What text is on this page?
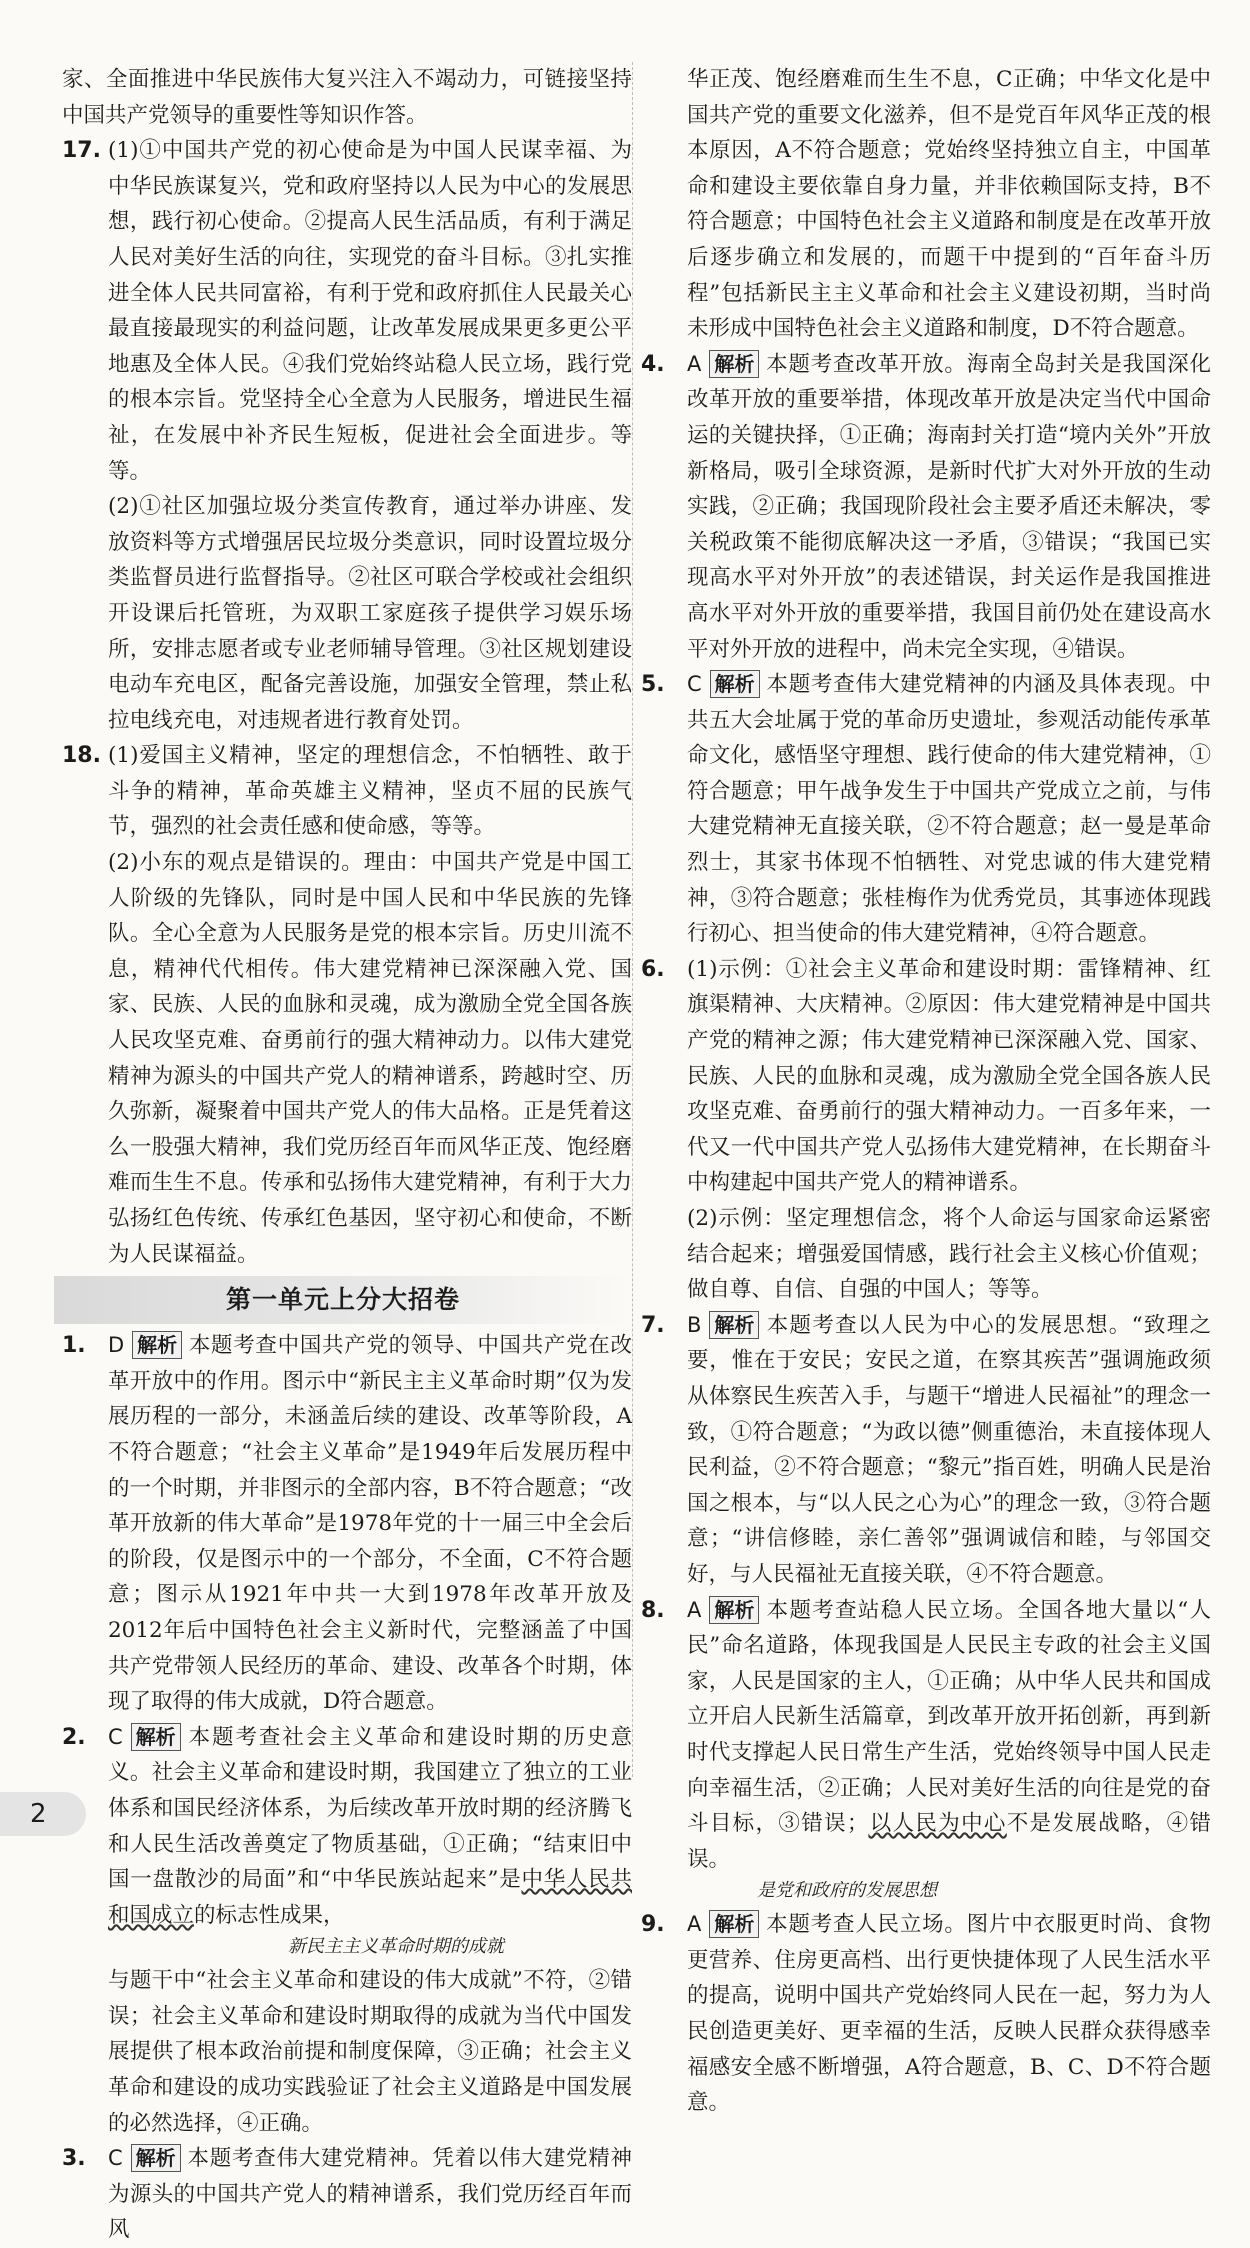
家、全面推进中华民族伟大复兴注入不竭动力，可链接坚持中国共产党领导的重要性等知识作答。

17. (1)①中国共产党的初心使命是为中国人民谋幸福、为中华民族谋复兴，党和政府坚持以人民为中心的发展思想，践行初心使命。②提高人民生活品质，有利于满足人民对美好生活的向往，实现党的奋斗目标。③扎实推进全体人民共同富裕，有利于党和政府抓住人民最关心最直接最现实的利益问题，让改革发展成果更多更公平地惠及全体人民。④我们党始终站稳人民立场，践行党的根本宗旨。党坚持全心全意为人民服务，增进民生福祉，在发展中补齐民生短板，促进社会全面进步。等等。

(2)①社区加强垃圾分类宣传教育，通过举办讲座、发放资料等方式增强居民垃圾分类意识，同时设置垃圾分类监督员进行监督指导。②社区可联合学校或社会组织开设课后托管班，为双职工家庭孩子提供学习娱乐场所，安排志愿者或专业老师辅导管理。③社区规划建设电动车充电区，配备完善设施，加强安全管理，禁止私拉电线充电，对违规者进行教育处罚。

18. (1)爱国主义精神，坚定的理想信念，不怕牺牲、敢于斗争的精神，革命英雄主义精神，坚贞不屈的民族气节，强烈的社会责任感和使命感，等等。

(2)小东的观点是错误的。理由：中国共产党是中国工人阶级的先锋队，同时是中国人民和中华民族的先锋队。全心全意为人民服务是党的根本宗旨。历史川流不息，精神代代相传。伟大建党精神已深深融入党、国家、民族、人民的血脉和灵魂，成为激励全党全国各族人民攻坚克难、奋勇前行的强大精神动力。以伟大建党精神为源头的中国共产党人的精神谱系，跨越时空、历久弥新，凝聚着中国共产党人的伟大品格。正是凭着这么一股强大精神，我们党历经百年而风华正茂、饱经磨难而生生不息。传承和弘扬伟大建党精神，有利于大力弘扬红色传统、传承红色基因，坚守初心和使命，不断为人民谋福益。

第一单元上分大招卷
1. D 解析 本题考查中国共产党的领导、中国共产党在改革开放中的作用。图示中“新民主主义革命时期”仅为发展历程的一部分，未涵盖后续的建设、改革等阶段，A不符合题意；“社会主义革命”是1949年后发展历程中的一个时期，并非图示的全部内容，B不符合题意；“改革开放新的伟大革命”是1978年党的十一届三中全会后的阶段，仅是图示中的一个部分，不全面，C不符合题意；图示从1921年中共一大到1978年改革开放及2012年后中国特色社会主义新时代，完整涵盖了中国共产党带领人民经历的革命、建设、改革各个时期，体现了取得的伟大成就，D符合题意。

2. C 解析 本题考查社会主义革命和建设时期的历史意义。社会主义革命和建设时期，我国建立了独立的工业体系和国民经济体系，为后续改革开放时期的经济腾飞和人民生活改善奠定了物质基础，①正确；“结束旧中国一盘散沙的局面”和“中华民族站起来”是中华人民共和国成立的标志性成果，

新民主主义革命时期的成就

与题干中“社会主义革命和建设的伟大成就”不符，②错误；社会主义革命和建设时期取得的成就为当代中国发展提供了根本政治前提和制度保障，③正确；社会主义革命和建设的成功实践验证了社会主义道路是中国发展的必然选择，④正确。

3. C 解析 本题考查伟大建党精神。凭着以伟大建党精神为源头的中国共产党人的精神谱系，我们党历经百年而风

华正茂、饱经磨难而生生不息，C正确；中华文化是中国共产党的重要文化滋养，但不是党百年风华正茂的根本原因，A不符合题意；党始终坚持独立自主，中国革命和建设主要依靠自身力量，并非依赖国际支持，B不符合题意；中国特色社会主义道路和制度是在改革开放后逐步确立和发展的，而题干中提到的“百年奋斗历程”包括新民主主义革命和社会主义建设初期，当时尚未形成中国特色社会主义道路和制度，D不符合题意。

4. A 解析 本题考查改革开放。海南全岛封关是我国深化改革开放的重要举措，体现改革开放是决定当代中国命运的关键抉择，①正确；海南封关打造“境内关外”开放新格局，吸引全球资源，是新时代扩大对外开放的生动实践，②正确；我国现阶段社会主要矛盾还未解决，零关税政策不能彻底解决这一矛盾，③错误；“我国已实现高水平对外开放”的表述错误，封关运作是我国推进高水平对外开放的重要举措，我国目前仍处在建设高水平对外开放的进程中，尚未完全实现，④错误。

5. C 解析 本题考查伟大建党精神的内涵及具体表现。中共五大会址属于党的革命历史遗址，参观活动能传承革命文化，感悟坚守理想、践行使命的伟大建党精神，①符合题意；甲午战争发生于中国共产党成立之前，与伟大建党精神无直接关联，②不符合题意；赵一曼是革命烈士，其家书体现不怕牺牲、对党忠诚的伟大建党精神，③符合题意；张桂梅作为优秀党员，其事迹体现践行初心、担当使命的伟大建党精神，④符合题意。

6. (1)示例：①社会主义革命和建设时期：雷锋精神、红旗渠精神、大庆精神。②原因：伟大建党精神是中国共产党的精神之源；伟大建党精神已深深融入党、国家、民族、人民的血脉和灵魂，成为激励全党全国各族人民攻坚克难、奋勇前行的强大精神动力。一百多年来，一代又一代中国共产党人弘扬伟大建党精神，在长期奋斗中构建起中国共产党人的精神谱系。

(2)示例：坚定理想信念，将个人命运与国家命运紧密结合起来；增强爱国情感，践行社会主义核心价值观；做自尊、自信、自强的中国人；等等。

7. B 解析 本题考查以人民为中心的发展思想。“致理之要，惟在于安民；安民之道，在察其疾苦”强调施政须从体察民生疾苦入手，与题干“增进人民福祉”的理念一致，①符合题意；“为政以德”侧重德治，未直接体现人民利益，②不符合题意；“黎元”指百姓，明确人民是治国之根本，与“以人民之心为心”的理念一致，③符合题意；“讲信修睦，亲仁善邻”强调诚信和睦，与邻国交好，与人民福祉无直接关联，④不符合题意。

8. A 解析 本题考查站稳人民立场。全国各地大量以“人民”命名道路，体现我国是人民民主专政的社会主义国家，人民是国家的主人，①正确；从中华人民共和国成立开启人民新生活篇章，到改革开放开拓创新，再到新时代支撑起人民日常生产生活，党始终领导中国人民走向幸福生活，②正确；人民对美好生活的向往是党的奋斗目标，③错误；以人民为中心不是发展战略，④错误。

是党和政府的发展思想

9. A 解析 本题考查人民立场。图片中衣服更时尚、食物更营养、住房更高档、出行更快捷体现了人民生活水平的提高，说明中国共产党始终同人民在一起，努力为人民创造更美好、更幸福的生活，反映人民群众获得感幸福感安全感不断增强，A符合题意，B、C、D不符合题意。

2
